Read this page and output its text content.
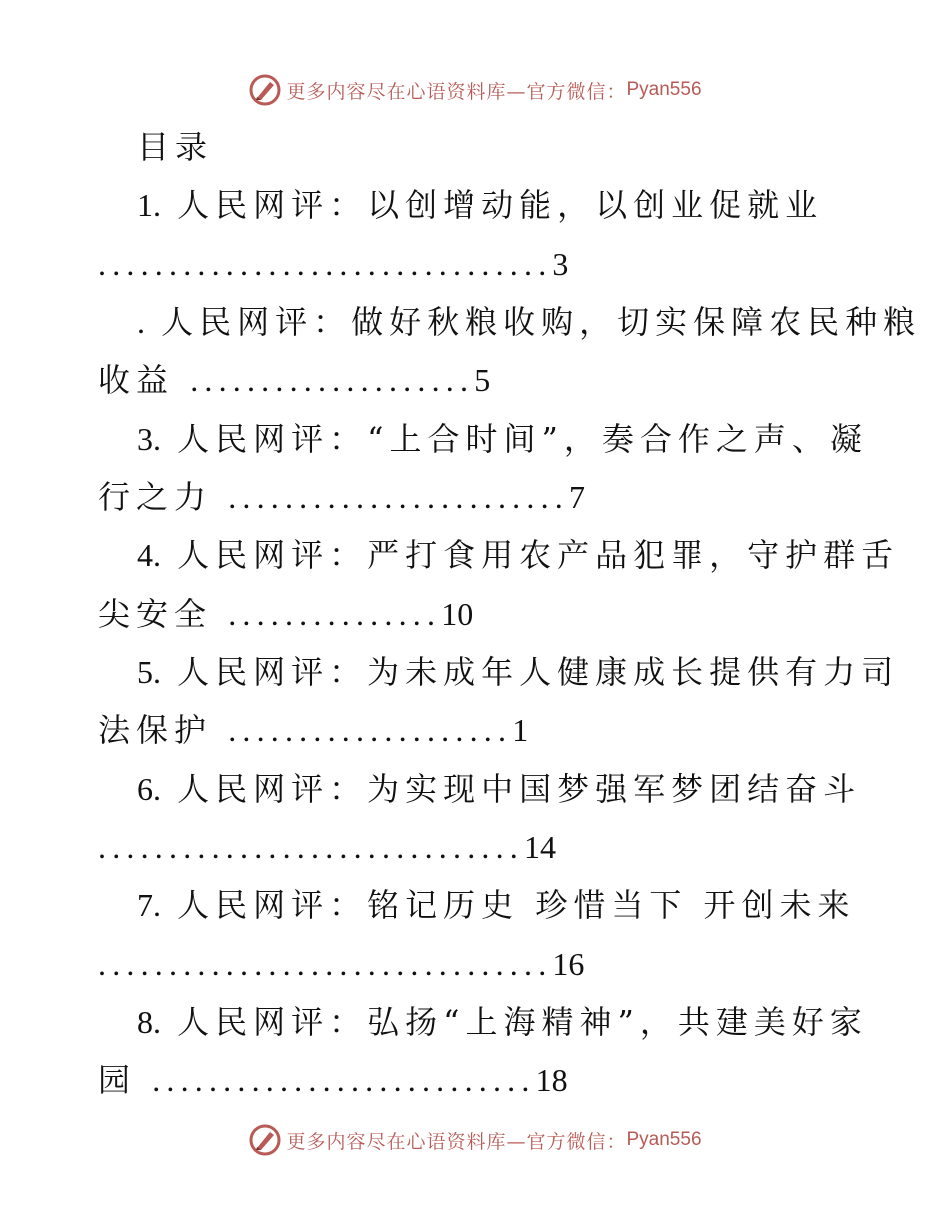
更多内容尽在心语资料库—官方微信： Pyan556
目录
1. 人民网评：以创增动能，以创业促就业
................................3
. 人民网评：做好秋粮收购，切实保障农民种粮
收益 ....................5
3. 人民网评：“上合时间”，奏合作之声、凝
行之力 ........................7
4. 人民网评：严打食用农产品犯罪，守护群舌
尖安全 ...............10
5. 人民网评：为未成年人健康成长提供有力司
法保护 ....................1
6. 人民网评：为实现中国梦强军梦团结奋斗
..............................14
7. 人民网评：铭记历史 珍惜当下 开创未来
................................16
8. 人民网评：弘扬“上海精神”，共建美好家
园 ...........................18
更多内容尽在心语资料库—官方微信： Pyan556
